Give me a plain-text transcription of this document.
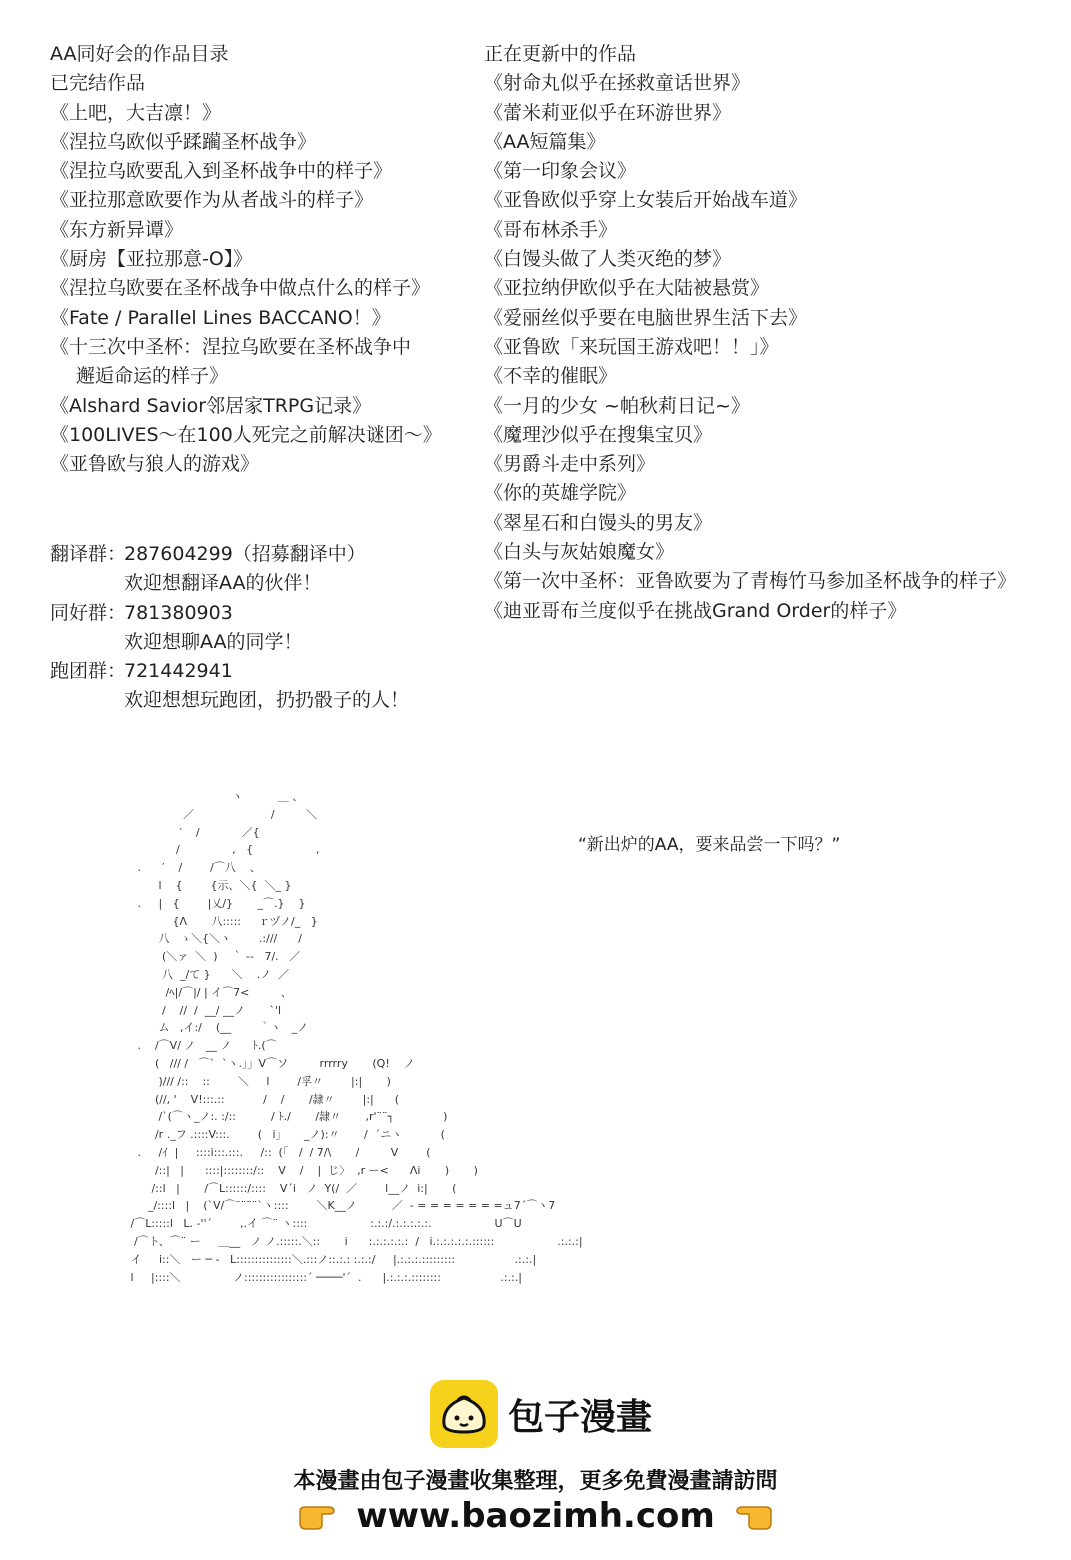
AA同好会的作品目录
已完结作品
《上吧，大吉凛！》
《涅拉乌欧似乎蹂躏圣杯战争》
《涅拉乌欧要乱入到圣杯战争中的样子》
《亚拉那意欧要作为从者战斗的样子》
《东方新异谭》
《厨房【亚拉那意-O】》
《涅拉乌欧要在圣杯战争中做点什么的样子》
《Fate / Parallel Lines BACCANO！》
《十三次中圣杯：涅拉乌欧要在圣杯战争中
邂逅命运的样子》
《Alshard Savior邻居家TRPG记录》
《100LIVES～在100人死完之前解决谜团～》
《亚鲁欧与狼人的游戏》
正在更新中的作品
《射命丸似乎在拯救童话世界》
《蕾米莉亚似乎在环游世界》
《AA短篇集》
《第一印象会议》
《亚鲁欧似乎穿上女装后开始战车道》
《哥布林杀手》
《白馒头做了人类灭绝的梦》
《亚拉纳伊欧似乎在大陆被悬赏》
《爱丽丝似乎要在电脑世界生活下去》
《亚鲁欧「来玩国王游戏吧！！」》
《不幸的催眠》
《一月的少女 ~帕秋莉日记~》
《魔理沙似乎在搜集宝贝》
《男爵斗走中系列》
《你的英雄学院》
《翠星石和白馒头的男友》
《白头与灰姑娘魔女》
《第一次中圣杯：亚鲁欧要为了青梅竹马参加圣杯战争的样子》
《迪亚哥布兰度似乎在挑战Grand Order的样子》
翻译群：
287604299（招募翻译中）
欢迎想翻译AA的伙伴！
同好群：
781380903
欢迎想聊AA的同学！
跑团群：
721442941
欢迎想想玩跑团，扔扔骰子的人！
ヽ          ＿ 、
／                      /         ＼
′    /            ／{
/               ,   {                  ,
.      ′    /        /⌒八    、
l    {        {示、＼{  ＼_ }
.     |   {        |乂/}       _⌒.}    }
{Λ       八:::::     ｒヅノ/_   }
八   ゝ＼{＼ヽ        .:///      /
(＼ァ  ＼  )    ｀ ‐-   7/.   ／
八  _/て }      ＼    .ノ  ／
/ﾍ|/⌒|/ | イ⌒7<         、
/    //  /  __/ __ノ       `'l
ム   ,イ:/    (__        ｀ヽ   _ノ
.    /⌒V/ ノ   __ ノ      ﾄ.(⌒
(   /// /   ⌒`  `ヽ.」」V⌒ソ         rrrrry       (Q!    ノ
)/// /::    ::        ＼     l        /孚〃        |:|       )
(//, '    V!:::.::           /    /       /隷〃        |:|      (
/`(⌒ヽ_ノ:. :/::          / ﾄ./       /隷〃       ,r'¨¨┐              )
/r ._フ .::::V:::.        (   i」     _ノ):〃       /  ´ニヽ           (
.     /ｲ  |     ::::i:::.:::.     /::  (「   /  / 7/\       /         V        (
/::|   |      ::::|::::::::/::    V    /    |  じ〉  ,r ー<      Λi       )       )
/::l   |       /⌒L::::::/::::    V´i   ノ  Y(/  ／        l__ノ  i:|       (
_/::::l   |    (`V/⌒¨¨¨¨`ヽ::::        ＼K__ノ          ／  ‐ = = = = = = =ュ7´⌒ヽ7
/⌒L:::::l   L. ‐''´        ,.イ ⌒¨ ヽ::::                  :.:.:/.:.:.:.:.:.                  U⌒U
/⌒ト、⌒¨ ー     ＿__   ノ ノ.:::::.＼::       i      :.:.:.:.:.:  /   i.:.:.:.:.:.::::::                  .:.:.:|
イ     i::＼   ー ─ ‐   L:::::::::::::::＼.:::ノ::.:.: :.:.:/     |.:.:.:.:::::::::                 .:.:.|
l     |::::＼               ノ:::::::::::::::::´ ────'´  .      |.:.:.:.::::::::                 .:.:.|
“新出炉的AA，要来品尝一下吗？”
包子漫畫
本漫畫由包子漫畫收集整理，更多免費漫畫請訪問
www.baozimh.com
